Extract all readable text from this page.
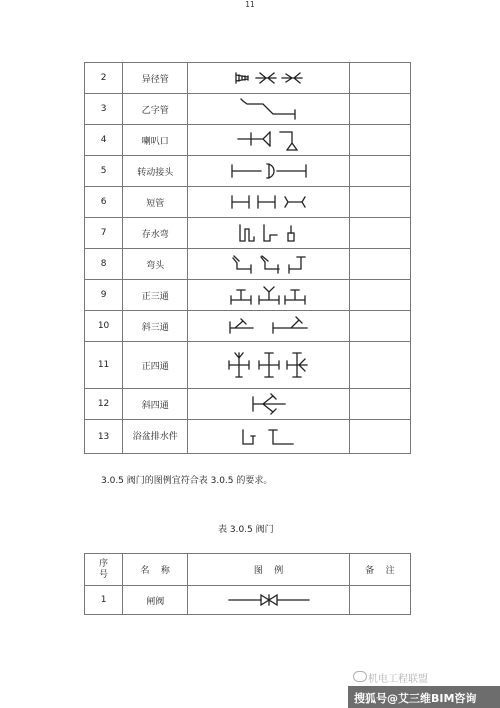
2	异径管	

3	乙字管	

4	喇叭口	

5	转动接头	

6	短管	

7	存水弯	

8	弯头	

9	正三通	

10	斜三通	

11	正四通	

12	斜四通	

13	浴盆排水件	

3.0.5 阀门的图例宜符合表 3.0.5 的要求。
表 3.0.5 阀门
序号	名    称	图    例	备    注
1	闸阀	

11
机电工程联盟
搜狐号@艾三维BIM咨询
